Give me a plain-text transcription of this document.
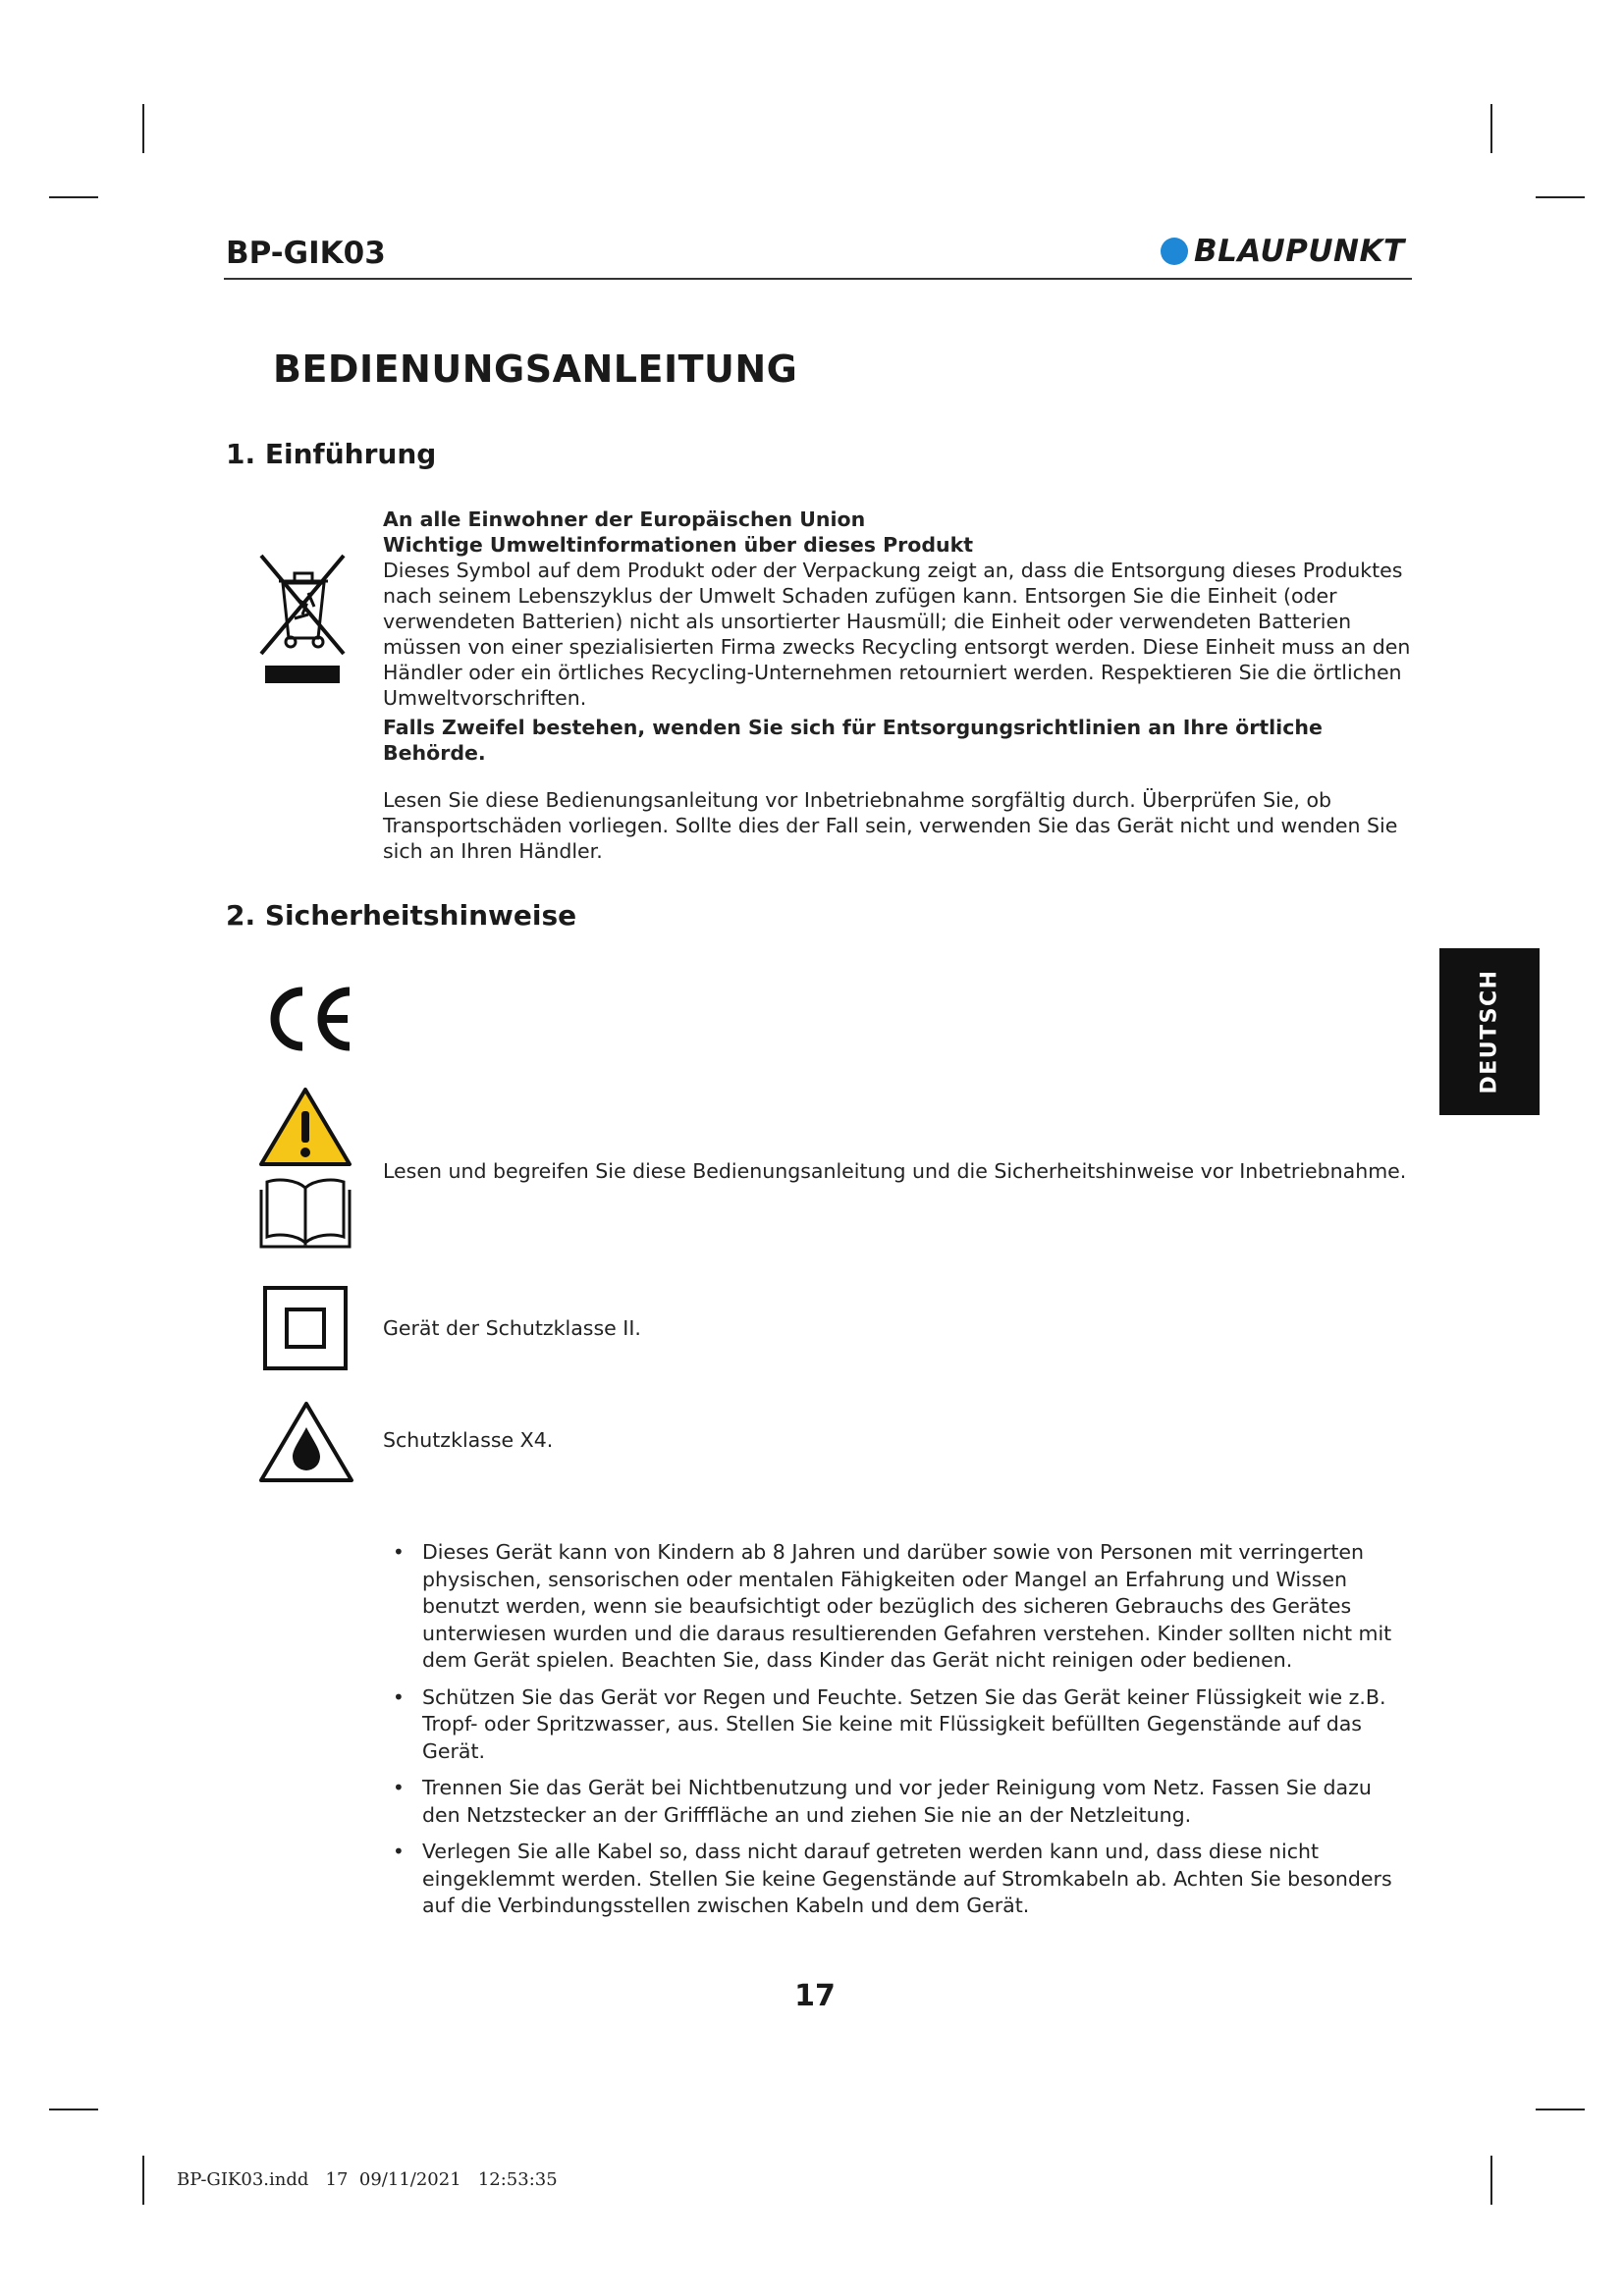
BP-GIK03	BLAUPUNKT
BEDIENUNGSANLEITUNG
1. Einführung

An alle Einwohner der Europäischen Union

Wichtige Umweltinformationen über dieses Produkt

Dieses Symbol auf dem Produkt oder der Verpackung zeigt an, dass die Entsorgung dieses Produktes nach seinem Lebenszyklus der Umwelt Schaden zufügen kann. Entsorgen Sie die Einheit (oder verwendeten Batterien) nicht als unsortierter Hausmüll; die Einheit oder verwendeten Batterien müssen von einer spezialisierten Firma zwecks Recycling entsorgt werden. Diese Einheit muss an den Händler oder ein örtliches Recycling-Unternehmen retourniert werden. Respektieren Sie die örtlichen Umweltvorschriften.

Falls Zweifel bestehen, wenden Sie sich für Entsorgungsrichtlinien an Ihre örtliche Behörde.

Lesen Sie diese Bedienungsanleitung vor Inbetriebnahme sorgfältig durch. Überprüfen Sie, ob Transportschäden vorliegen. Sollte dies der Fall sein, verwenden Sie das Gerät nicht und wenden Sie sich an Ihren Händler.
2. Sicherheitshinweise
Lesen und begreifen Sie diese Bedienungsanleitung und die Sicherheitshinweise vor Inbetriebnahme.
Gerät der Schutzklasse II.
Schutzklasse X4.
DEUTSCH
• Dieses Gerät kann von Kindern ab 8 Jahren und darüber sowie von Personen mit verringerten physischen, sensorischen oder mentalen Fähigkeiten oder Mangel an Erfahrung und Wissen benutzt werden, wenn sie beaufsichtigt oder bezüglich des sicheren Gebrauchs des Gerätes unterwiesen wurden und die daraus resultierenden Gefahren verstehen. Kinder sollten nicht mit dem Gerät spielen. Beachten Sie, dass Kinder das Gerät nicht reinigen oder bedienen.
• Schützen Sie das Gerät vor Regen und Feuchte. Setzen Sie das Gerät keiner Flüssigkeit wie z.B. Tropf- oder Spritzwasser, aus. Stellen Sie keine mit Flüssigkeit befüllten Gegenstände auf das Gerät.
• Trennen Sie das Gerät bei Nichtbenutzung und vor jeder Reinigung vom Netz. Fassen Sie dazu den Netzstecker an der Grifffläche an und ziehen Sie nie an der Netzleitung.
• Verlegen Sie alle Kabel so, dass nicht darauf getreten werden kann und, dass diese nicht eingeklemmt werden. Stellen Sie keine Gegenstände auf Stromkabeln ab. Achten Sie besonders auf die Verbindungsstellen zwischen Kabeln und dem Gerät.
17
BP-GIK03.indd   17  09/11/2021   12:53:35
